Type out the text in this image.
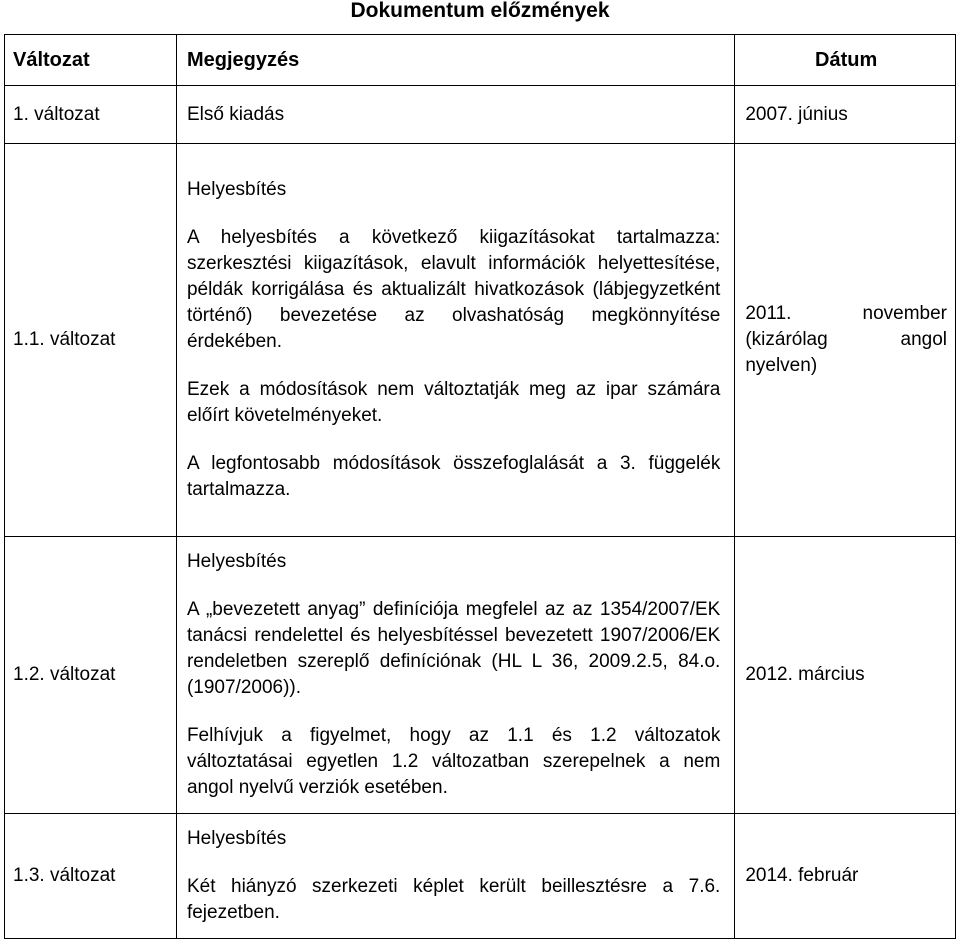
Dokumentum előzmények
Változat	Megjegyzés	Dátum
1. változat	Első kiadás	2007. június
1.1. változat	Helyesbítés

A helyesbítés a következő kiigazításokat tartalmazza: szerkesztési kiigazítások, elavult információk helyettesítése, példák korrigálása és aktualizált hivatkozások (lábjegyzetként történő) bevezetése az olvashatóság megkönnyítése érdekében.

Ezek a módosítások nem változtatják meg az ipar számára előírt követelményeket.

A legfontosabb módosítások összefoglalását a 3. függelék tartalmazza.	2011. november (kizárólag angol nyelven)
1.2. változat	Helyesbítés

A „bevezetett anyag” definíciója megfelel az az 1354/2007/EK tanácsi rendelettel és helyesbítéssel bevezetett 1907/2006/EK rendeletben szereplő definíciónak (HL L 36, 2009.2.5, 84.o. (1907/2006)).

Felhívjuk a figyelmet, hogy az 1.1 és 1.2 változatok változtatásai egyetlen 1.2 változatban szerepelnek a nem angol nyelvű verziók esetében.	2012. március
1.3. változat	Helyesbítés

Két hiányzó szerkezeti képlet került beillesztésre a 7.6. fejezetben.	2014. február
